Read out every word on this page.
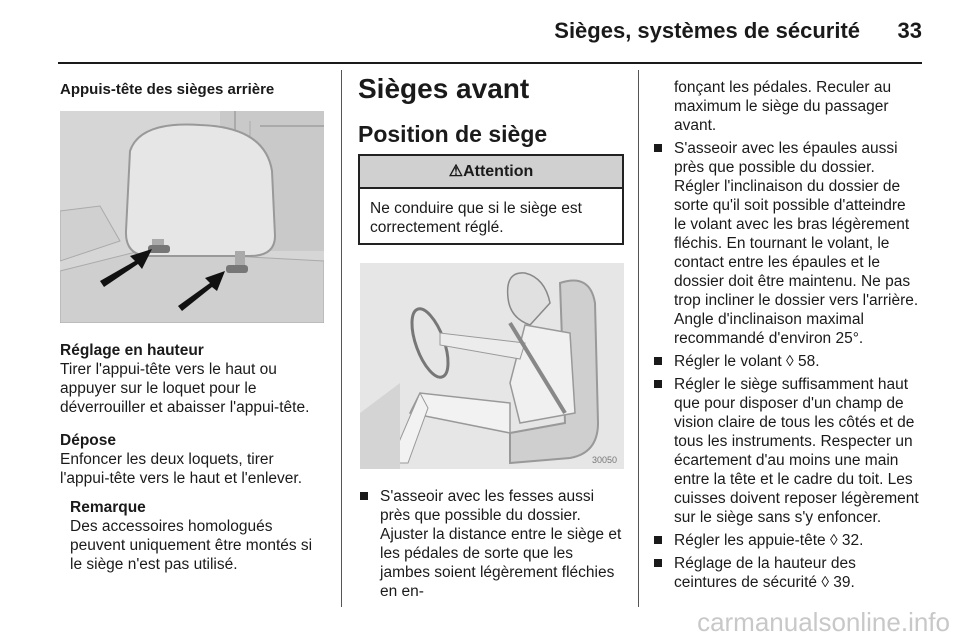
Sièges, systèmes de sécurité 33

Appuis-tête des sièges arrière

Réglage en hauteur

Tirer l'appui-tête vers le haut ou appuyer sur le loquet pour le déverrouiller et abaisser l'appui-tête.

Dépose

Enfoncer les deux loquets, tirer l'appui-tête vers le haut et l'enlever.

Remarque

Des accessoires homologués peuvent uniquement être montés si le siège n'est pas utilisé.

Sièges avant

Position de siège

⚠Attention

Ne conduire que si le siège est correctement réglé.

30050
S'asseoir avec les fesses aussi près que possible du dossier. Ajuster la distance entre le siège et les pédales de sorte que les jambes soient légèrement fléchies en en-

fonçant les pédales. Reculer au maximum le siège du passager avant.

S'asseoir avec les épaules aussi près que possible du dossier. Régler l'inclinaison du dossier de sorte qu'il soit possible d'atteindre le volant avec les bras légèrement fléchis. En tournant le volant, le contact entre les épaules et le dossier doit être maintenu. Ne pas trop incliner le dossier vers l'arrière. Angle d'inclinaison maximal recommandé d'environ 25°.
Régler le volant ◊ 58.
Régler le siège suffisamment haut que pour disposer d'un champ de vision claire de tous les côtés et de tous les instruments. Respecter un écartement d'au moins une main entre la tête et le cadre du toit. Les cuisses doivent reposer légèrement sur le siège sans s'y enfoncer.
Régler les appuie-tête ◊ 32.
Réglage de la hauteur des ceintures de sécurité ◊ 39.
carmanualsonline.info
